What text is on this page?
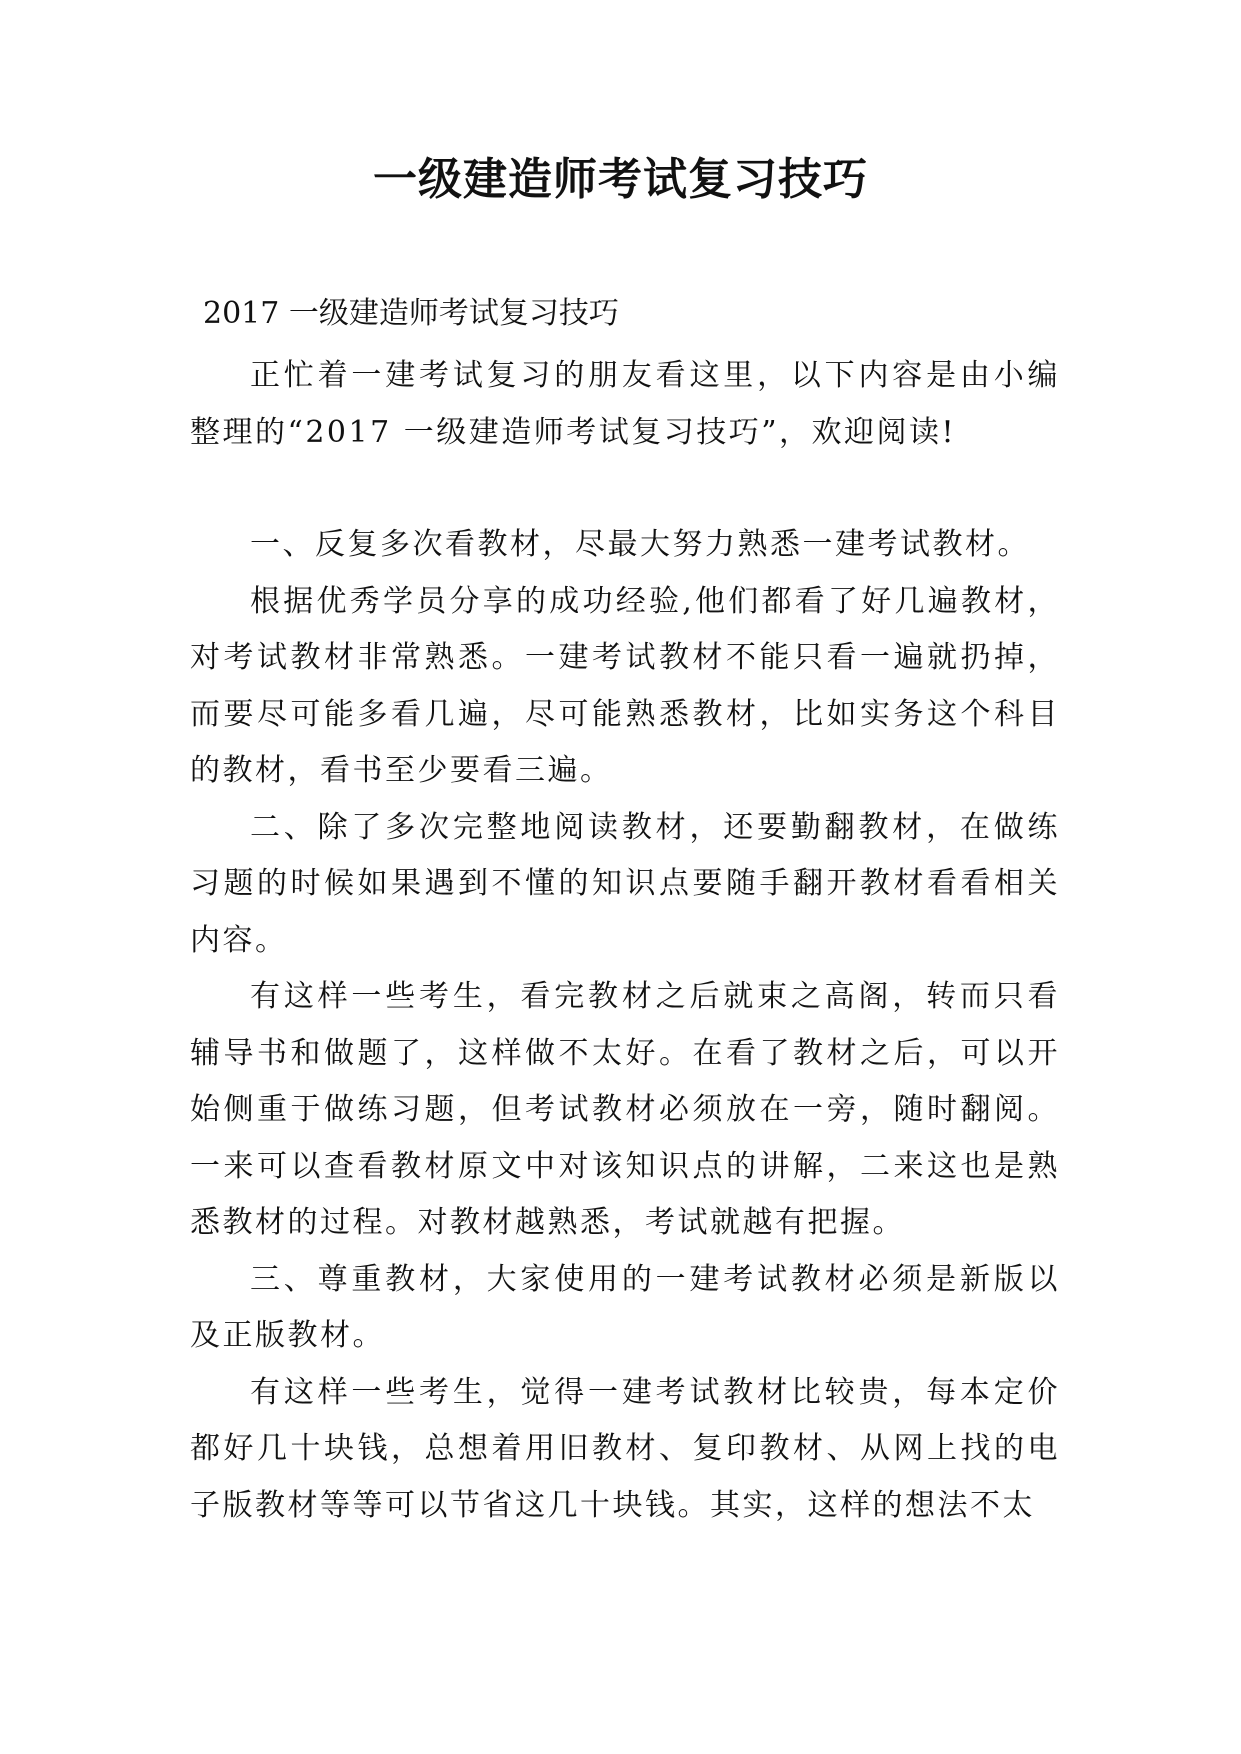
一级建造师考试复习技巧
2017 一级建造师考试复习技巧

正忙着一建考试复习的朋友看这里，以下内容是由小编整理的“2017 一级建造师考试复习技巧”，欢迎阅读!

一、反复多次看教材，尽最大努力熟悉一建考试教材。

根据优秀学员分享的成功经验,他们都看了好几遍教材，对考试教材非常熟悉。一建考试教材不能只看一遍就扔掉，而要尽可能多看几遍，尽可能熟悉教材，比如实务这个科目的教材，看书至少要看三遍。

二、除了多次完整地阅读教材，还要勤翻教材，在做练习题的时候如果遇到不懂的知识点要随手翻开教材看看相关内容。

有这样一些考生，看完教材之后就束之高阁，转而只看辅导书和做题了，这样做不太好。在看了教材之后，可以开始侧重于做练习题，但考试教材必须放在一旁，随时翻阅。一来可以查看教材原文中对该知识点的讲解，二来这也是熟悉教材的过程。对教材越熟悉，考试就越有把握。

三、尊重教材，大家使用的一建考试教材必须是新版以及正版教材。

有这样一些考生，觉得一建考试教材比较贵，每本定价都好几十块钱，总想着用旧教材、复印教材、从网上找的电子版教材等等可以节省这几十块钱。其实，这样的想法不太
